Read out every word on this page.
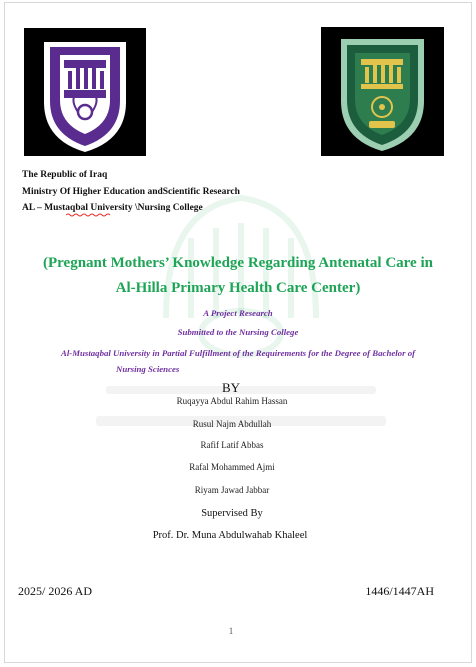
The Republic of Iraq
Ministry Of Higher Education andScientific Research
AL – Mustaqbal University \Nursing College
(Pregnant Mothers’ Knowledge Regarding Antenatal Care in
Al-Hilla Primary Health Care Center)
A Project Research
Submitted to the Nursing College
Al-Mustaqbal University in Partial Fulfillment of the Requirements for the Degree of Bachelor of
Nursing Sciences
BY
Ruqayya Abdul Rahim Hassan
Rusul Najm Abdullah
Rafif Latif Abbas
Rafal Mohammed Ajmi
Riyam Jawad Jabbar
Supervised By
Prof. Dr. Muna Abdulwahab Khaleel
2025/ 2026 AD	1446/1447AH
1
